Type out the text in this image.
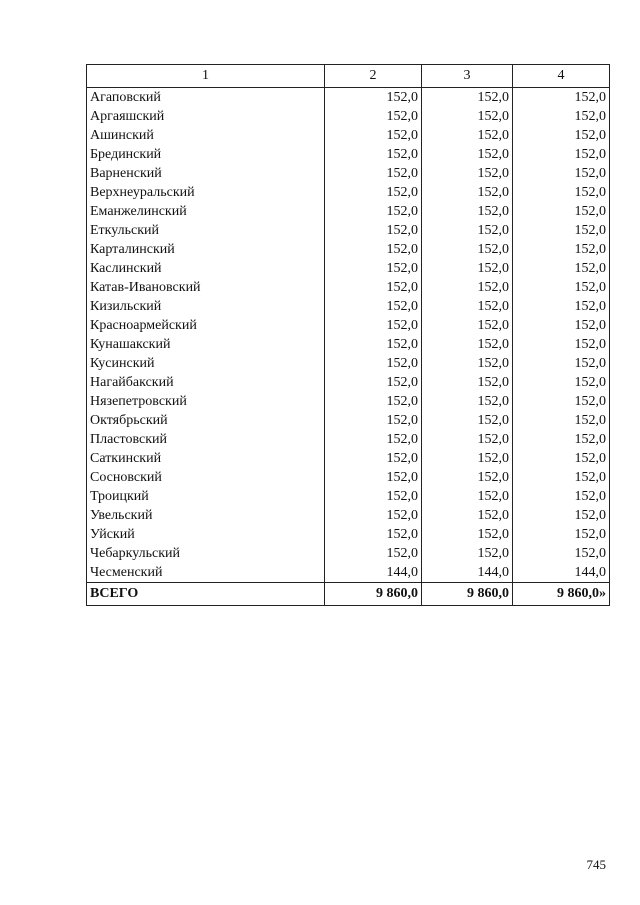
1	2	3	4
Агаповский	152,0	152,0	152,0
Аргаяшский	152,0	152,0	152,0
Ашинский	152,0	152,0	152,0
Брединский	152,0	152,0	152,0
Варненский	152,0	152,0	152,0
Верхнеуральский	152,0	152,0	152,0
Еманжелинский	152,0	152,0	152,0
Еткульский	152,0	152,0	152,0
Карталинский	152,0	152,0	152,0
Каслинский	152,0	152,0	152,0
Катав-Ивановский	152,0	152,0	152,0
Кизильский	152,0	152,0	152,0
Красноармейский	152,0	152,0	152,0
Кунашакский	152,0	152,0	152,0
Кусинский	152,0	152,0	152,0
Нагайбакский	152,0	152,0	152,0
Нязепетровский	152,0	152,0	152,0
Октябрьский	152,0	152,0	152,0
Пластовский	152,0	152,0	152,0
Саткинский	152,0	152,0	152,0
Сосновский	152,0	152,0	152,0
Троицкий	152,0	152,0	152,0
Увельский	152,0	152,0	152,0
Уйский	152,0	152,0	152,0
Чебаркульский	152,0	152,0	152,0
Чесменский	144,0	144,0	144,0
ВСЕГО	9 860,0	9 860,0	9 860,0»
745
